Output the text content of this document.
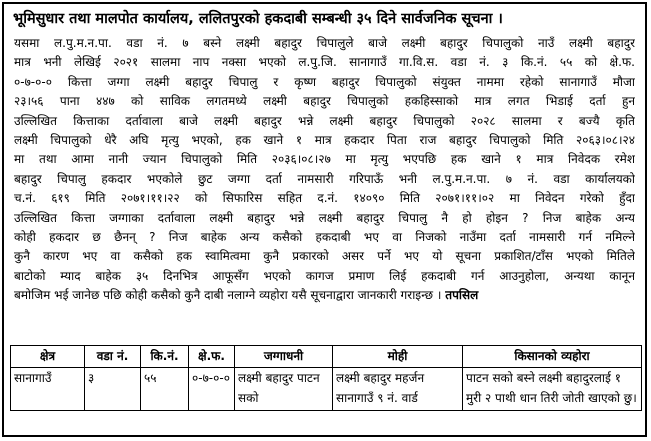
भूमिसुधार तथा मालपोत कार्यालय, ललितपुरको हकदाबी सम्बन्धी ३५ दिने सार्वजनिक सूचना ।
यसमा ल.पु.म.न.पा. वडा नं. ७ बस्ने लक्ष्मी बहादुर चिपालुले बाजे लक्ष्मी बहादुर चिपालुको नाउँ लक्ष्मी बहादुर
मात्र भनी लेखिई २०२१ सालमा नाप नक्सा भएको ल.पु.जि. सानागाउँ गा.वि.स. वडा नं. ३ कि.नं. ५५ को क्षे.फ.
०-७-०-० कित्ता जग्गा लक्ष्मी बहादुर चिपालु र कृष्ण बहादुर चिपालुको संयुक्त नाममा रहेको सानागाउँ मौजा
२३।५६ पाना ४४७ को साविक लगतमध्ये लक्ष्मी बहादुर चिपालुको हकहिस्साको मात्र लगत भिडाई दर्ता हुन
उल्लिखित कित्ताका दर्तावाला बाजे लक्ष्मी बहादुर भन्ने लक्ष्मी बहादुर चिपालुको २०२८ सालमा र बज्यै कृति
लक्ष्मी चिपालुको धेरै अघि मृत्यु भएको, हक खाने १ मात्र हकदार पिता राज बहादुर चिपालुको मिति २०६३।०८।२४
मा तथा आमा नानी ज्यान चिपालुको मिति २०३६।०८।२७ मा मृत्यु भएपछि हक खाने १ मात्र निवेदक रमेश
बहादुर चिपालु हकदार भएकोले छुट जग्गा दर्ता नामसारी गरिपाऊँ भनी ल.पु.म.न.पा. ७ नं. वडा कार्यालयको
च.नं. ६१९ मिति २०७१।११।२२ को सिफारिस सहित द.नं. १४०९० मिति २०७१।११।०२ मा निवेदन गरेको हुँदा
उल्लिखित कित्ता जग्गाका दर्तावाला लक्ष्मी बहादुर भन्ने लक्ष्मी बहादुर चिपालु नै हो होइन ? निज बाहेक अन्य
कोही हकदार छ छैनन् ? निज बाहेक अन्य कसैको हकदाबी भए वा निजको नाउँमा दर्ता नामसारी गर्न नमिल्ने
कुनै कारण भए वा कसैको हक स्वामित्वमा कुनै प्रकारको असर पर्ने भए यो सूचना प्रकाशित/टाँस भएको मितिले
बाटोको म्याद बाहेक ३५ दिनभित्र आफूसँग भएको कागज प्रमाण लिई हकदाबी गर्न आउनुहोला, अन्यथा कानून
बमोजिम भई जानेछ पछि कोही कसैको कुनै दाबी नलाग्ने व्यहोरा यसै सूचनाद्वारा जानकारी गराइन्छ । तपसिल
क्षेत्र	वडा नं.	कि.नं.	क्षे.फ.	जग्गाधनी	मोही	किसानको व्यहोरा
सानागाउँ	३	५५	०-७-०-०	लक्ष्मी बहादुर पाटन सको	लक्ष्मी बहादुर महर्जन सानागाउँ ९ नं. वार्ड	पाटन सको बस्ने लक्ष्मी बहादुरलाई १ मुरी २ पाथी धान तिरी जोती खाएको छु।
